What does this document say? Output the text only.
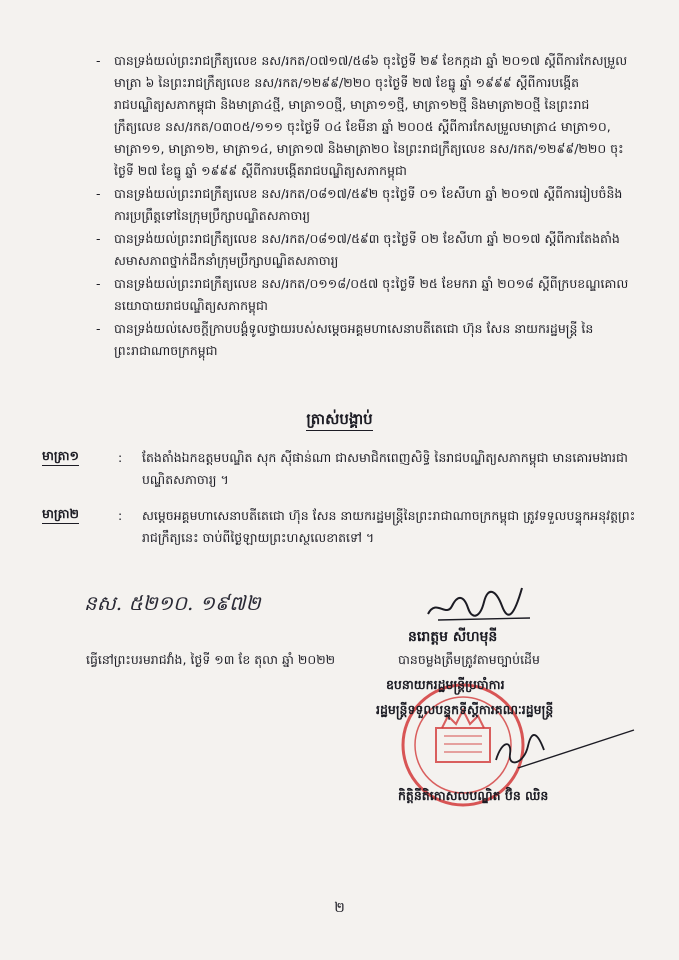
- បានទ្រង់យល់ព្រះរាជក្រឹត្យលេខ នស/រកត/០៧១៧/៥៨៦ ចុះថ្ងៃទី ២៩ ខែកក្កដា ឆ្នាំ ២០១៧ ស្តីពីការកែសម្រួលមាត្រា ៦ នៃព្រះរាជក្រឹត្យលេខ នស/រកត/១២៩៩/២២០ ចុះថ្ងៃទី ២៧ ខែធ្នូ ឆ្នាំ ១៩៩៩ ស្តីពីការបង្កើតរាជបណ្ឌិត្យសភាកម្ពុជា និងមាត្រា៤ថ្មី, មាត្រា១០ថ្មី, មាត្រា១១ថ្មី, មាត្រា១២ថ្មី និងមាត្រា២០ថ្មី នៃព្រះរាជក្រឹត្យលេខ នស/រកត/០៣០៥/១១១ ចុះថ្ងៃទី ០៤ ខែមីនា ឆ្នាំ ២០០៥ ស្តីពីការកែសម្រួលមាត្រា៤ មាត្រា១០, មាត្រា១១, មាត្រា១២, មាត្រា១៤, មាត្រា១៧ និងមាត្រា២០ នៃព្រះរាជក្រឹត្យលេខ នស/រកត/១២៩៩/២២០ ចុះថ្ងៃទី ២៧ ខែធ្នូ ឆ្នាំ ១៩៩៩ ស្តីពីការបង្កើតរាជបណ្ឌិត្យសភាកម្ពុជា
- បានទ្រង់យល់ព្រះរាជក្រឹត្យលេខ នស/រកត/០៨១៧/៥៩២ ចុះថ្ងៃទី ០១ ខែសីហា ឆ្នាំ ២០១៧ ស្តីពីការរៀបចំនិងការប្រព្រឹត្តទៅនៃក្រុមប្រឹក្សាបណ្ឌិតសភាចារ្យ
- បានទ្រង់យល់ព្រះរាជក្រឹត្យលេខ នស/រកត/០៨១៧/៥៩៣ ចុះថ្ងៃទី ០២ ខែសីហា ឆ្នាំ ២០១៧ ស្តីពីការតែងតាំងសមាសភាពថ្នាក់ដឹកនាំក្រុមប្រឹក្សាបណ្ឌិតសភាចារ្យ
- បានទ្រង់យល់ព្រះរាជក្រឹត្យលេខ នស/រកត/០១១៨/០៥៧ ចុះថ្ងៃទី ២៥ ខែមករា ឆ្នាំ ២០១៨ ស្តីពីក្របខណ្ឌគោលនយោបាយរាជបណ្ឌិត្យសភាកម្ពុជា
- បានទ្រង់យល់សេចក្តីក្រាបបង្គំទូលថ្វាយរបស់សម្តេចអគ្គមហាសេនាបតីតេជោ ហ៊ុន សែន នាយករដ្ឋមន្ត្រី នៃព្រះរាជាណាចក្រកម្ពុជា
ត្រាស់បង្គាប់
មាត្រា១	: តែងតាំងឯកឧត្តមបណ្ឌិត សុក ស៊ីផាន់ណា ជាសមាជិកពេញសិទ្ធិ នៃរាជបណ្ឌិត្យសភាកម្ពុជា មានគោរមងារជា បណ្ឌិតសភាចារ្យ ។
មាត្រា២	: សម្តេចអគ្គមហាសេនាបតីតេជោ ហ៊ុន សែន នាយករដ្ឋមន្ត្រីនៃព្រះរាជាណាចក្រកម្ពុជា ត្រូវទទួលបន្ទុកអនុវត្តព្រះរាជក្រឹត្យនេះ ចាប់ពីថ្ងៃឡាយព្រះហស្ថលេខាតទៅ ។
នស. ៥២១០. ១៩៧២
នរោត្តម សីហមុនី
បានចម្លងត្រឹមត្រូវតាមច្បាប់ដើម
ធ្វើនៅព្រះបរមរាជវាំង, ថ្ងៃទី ១៣ ខែ តុលា ឆ្នាំ ២០២២
ឧបនាយករដ្ឋមន្ត្រីប្រចាំការ
រដ្ឋមន្ត្រីទទួលបន្ទុកទីស្តីការគណៈរដ្ឋមន្ត្រី
កិត្តិនីតិកោសលបណ្ឌិត ប៊ិន ឈិន
២
